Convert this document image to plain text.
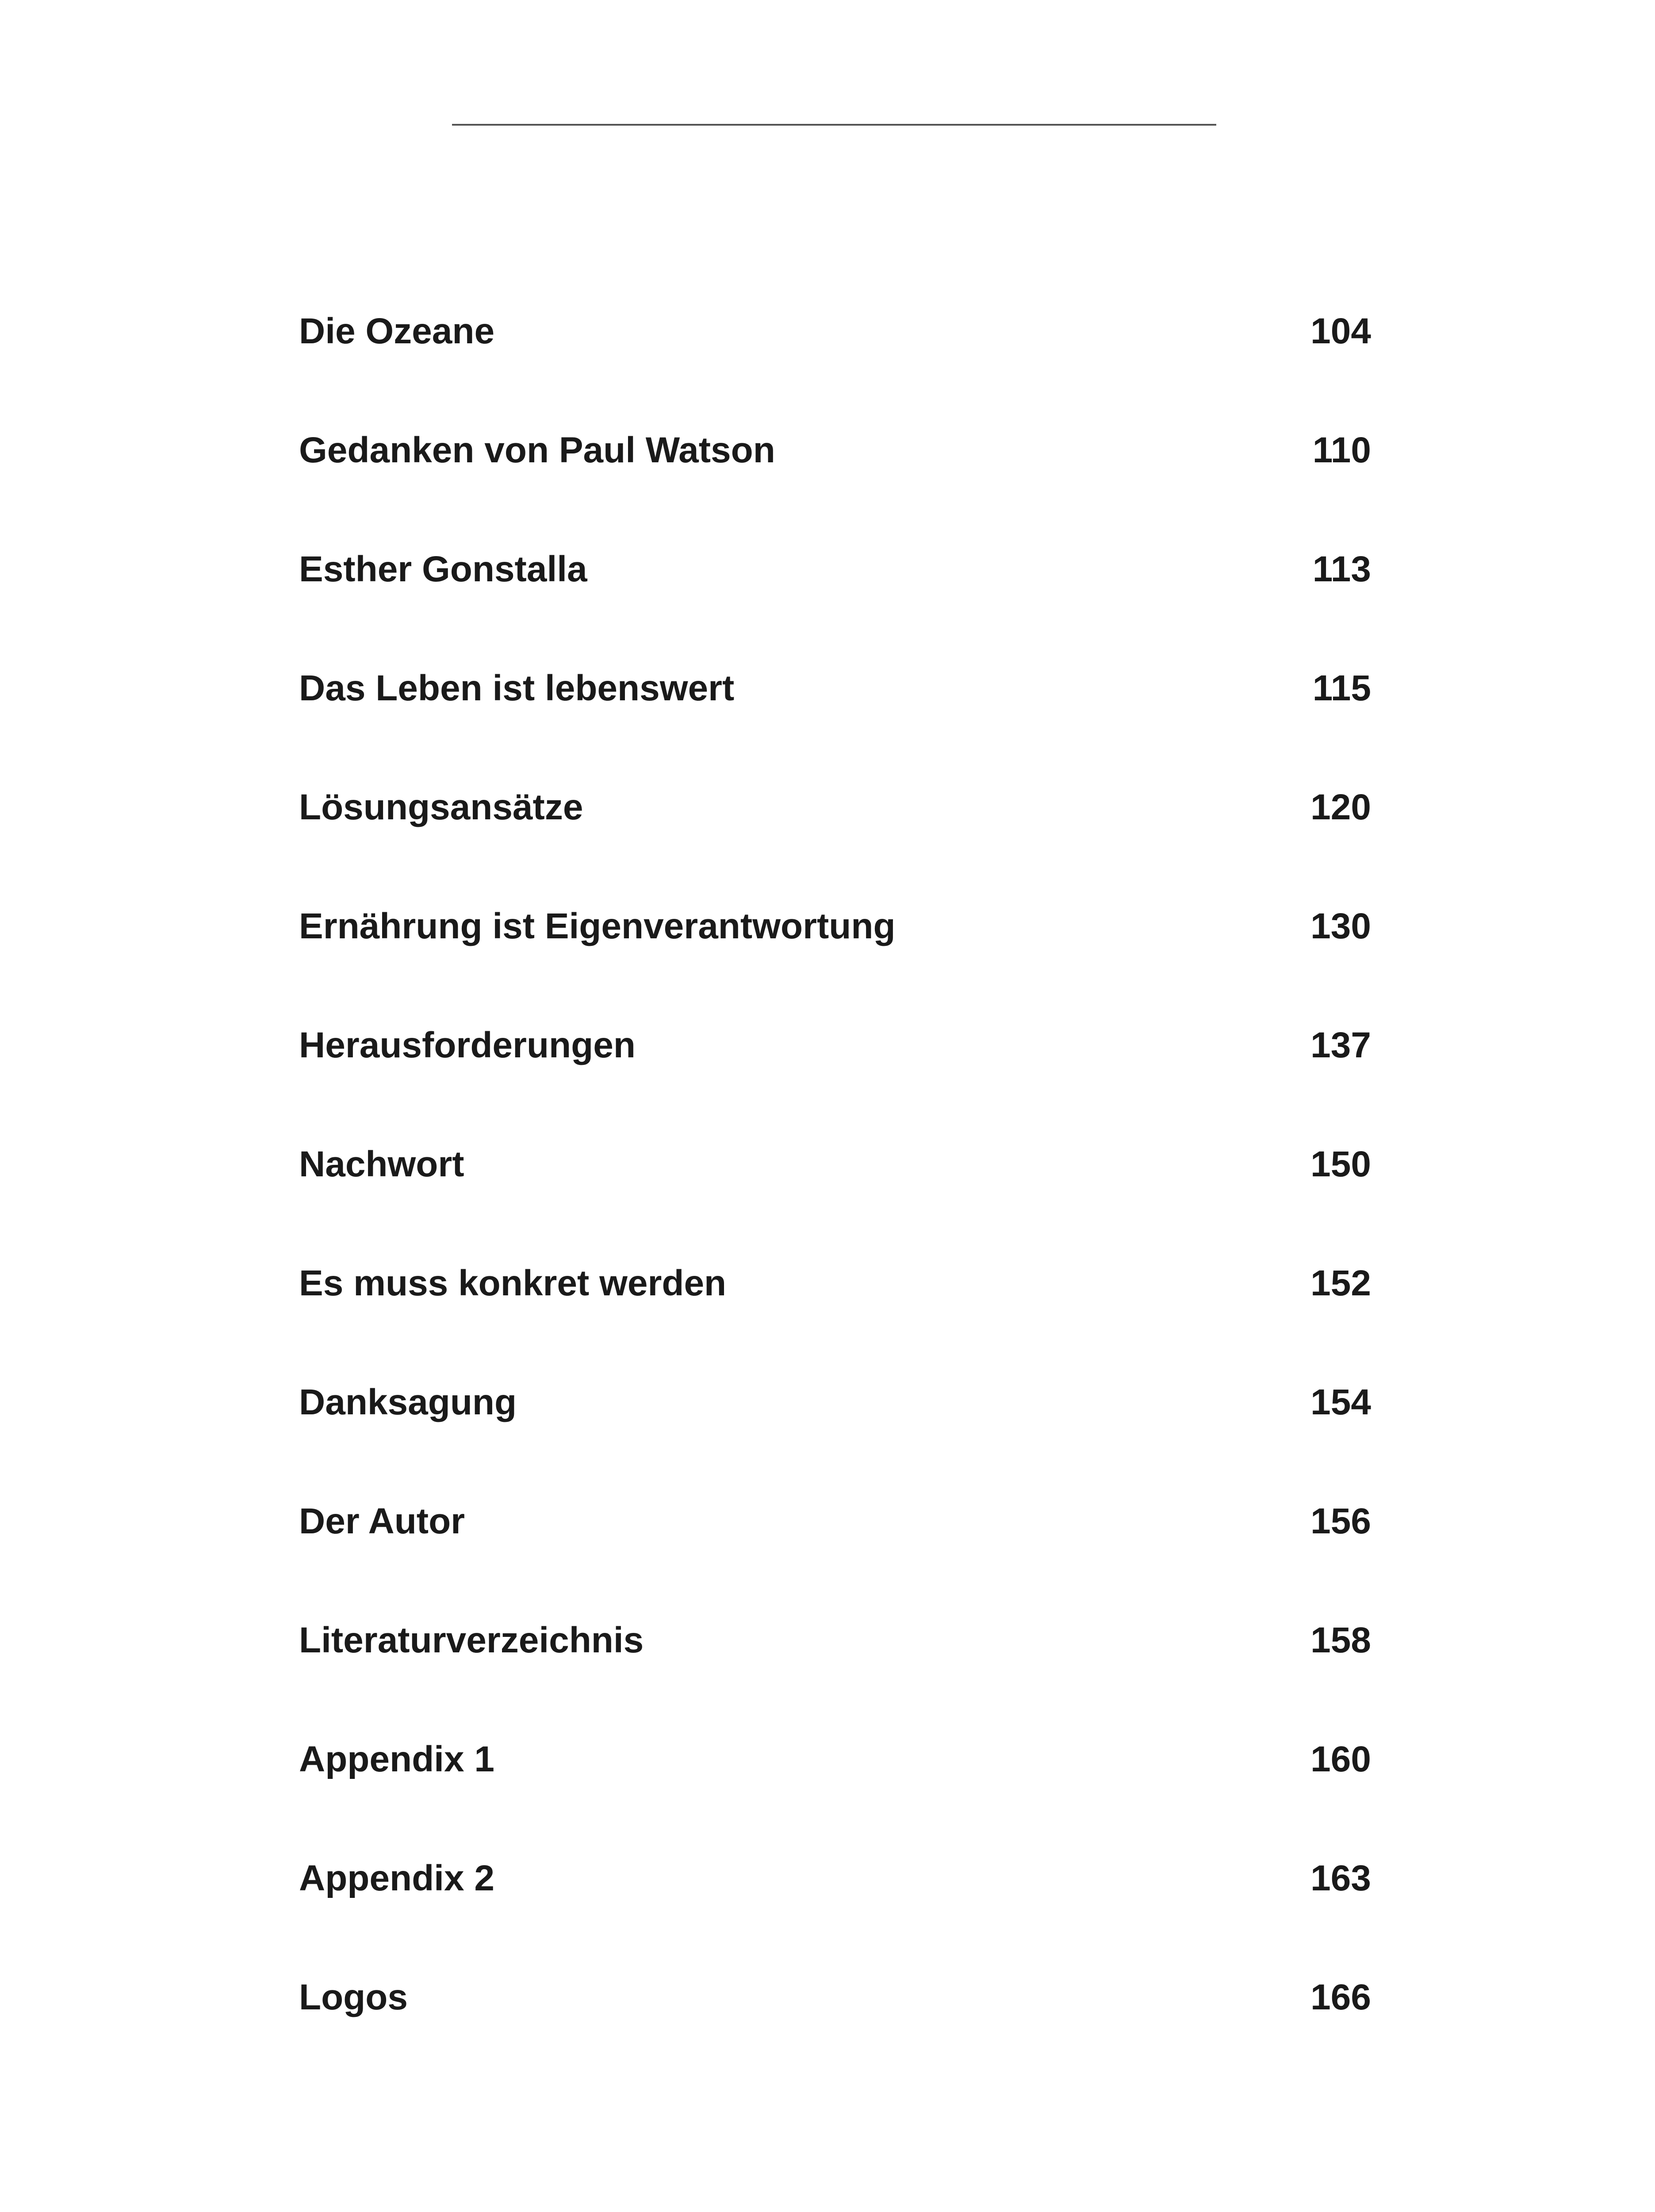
Die Ozeane	104
Gedanken von Paul Watson	110
Esther Gonstalla	113
Das Leben ist lebenswert	115
Lösungsansätze	120
Ernährung ist Eigenverantwortung	130
Herausforderungen	137
Nachwort	150
Es muss konkret werden	152
Danksagung	154
Der Autor	156
Literaturverzeichnis	158
Appendix 1	160
Appendix 2	163
Logos	166
